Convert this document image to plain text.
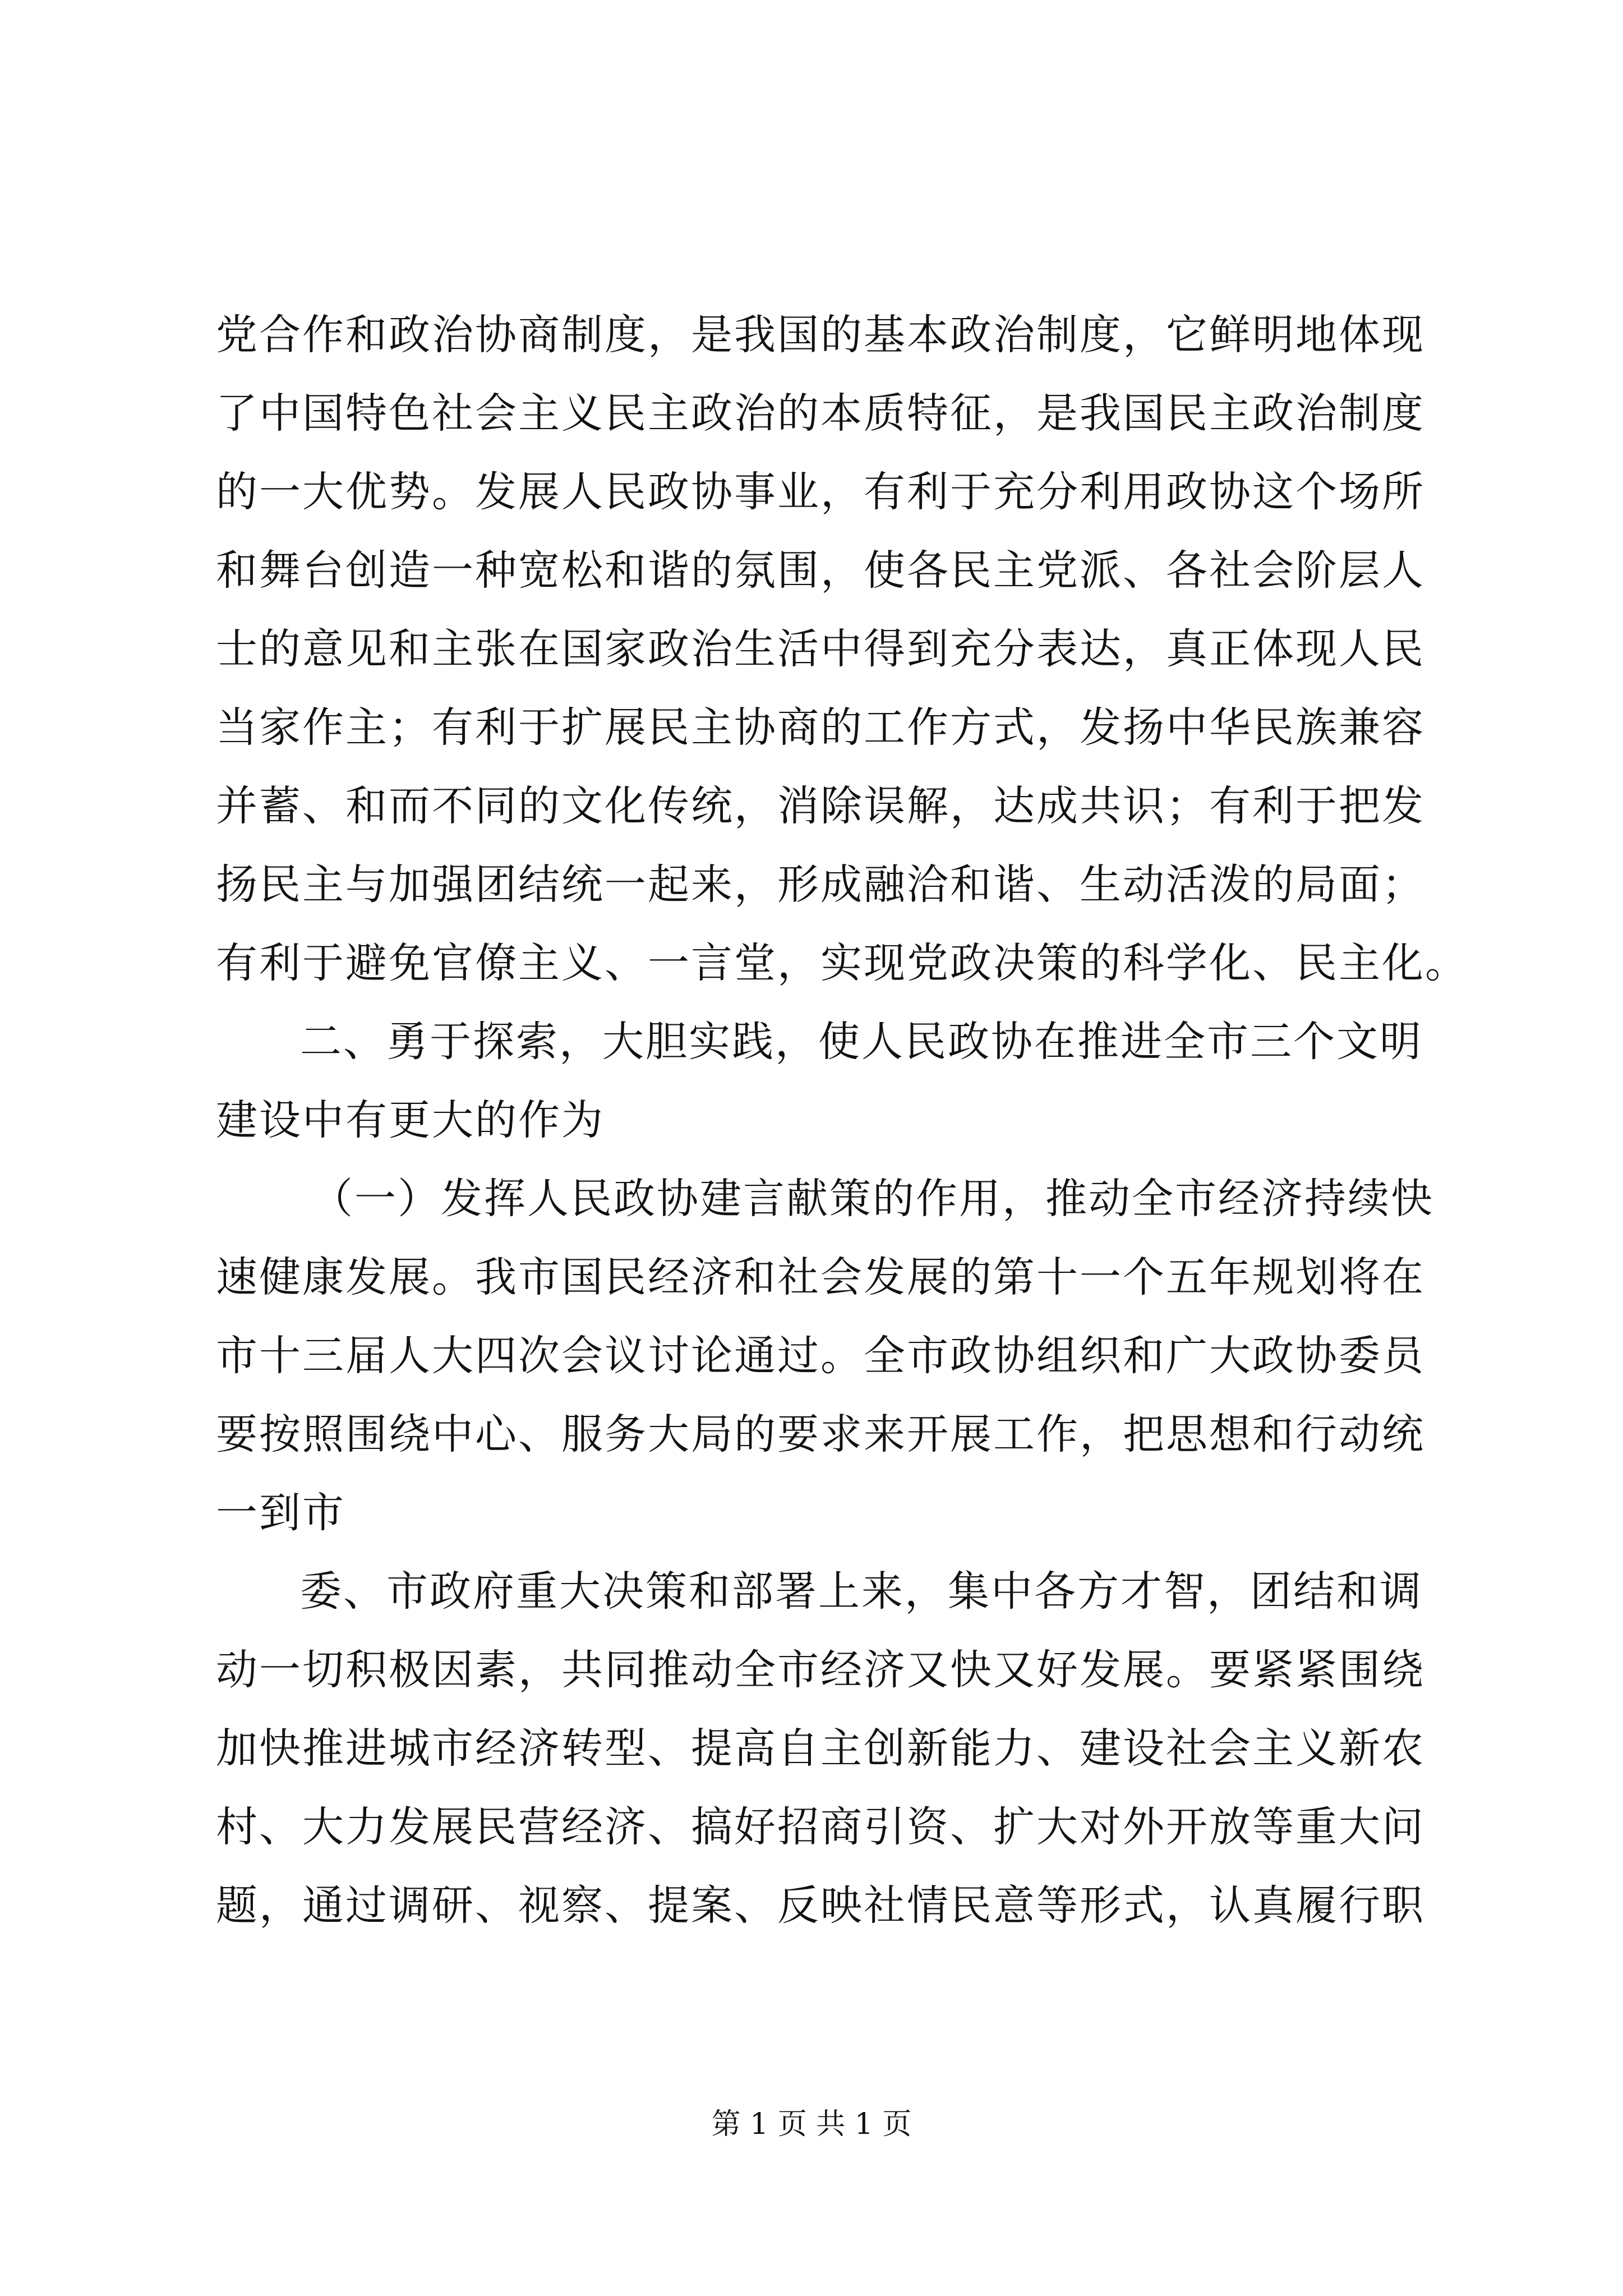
党合作和政治协商制度，是我国的基本政治制度，它鲜明地体现
了中国特色社会主义民主政治的本质特征，是我国民主政治制度
的一大优势。发展人民政协事业，有利于充分利用政协这个场所
和舞台创造一种宽松和谐的氛围，使各民主党派、各社会阶层人
士的意见和主张在国家政治生活中得到充分表达，真正体现人民
当家作主；有利于扩展民主协商的工作方式，发扬中华民族兼容
并蓄、和而不同的文化传统，消除误解，达成共识；有利于把发
扬民主与加强团结统一起来，形成融洽和谐、生动活泼的局面；
有利于避免官僚主义、一言堂，实现党政决策的科学化、民主化。
二、勇于探索，大胆实践，使人民政协在推进全市三个文明
建设中有更大的作为
（一）发挥人民政协建言献策的作用，推动全市经济持续快
速健康发展。我市国民经济和社会发展的第十一个五年规划将在
市十三届人大四次会议讨论通过。全市政协组织和广大政协委员
要按照围绕中心、服务大局的要求来开展工作，把思想和行动统
一到市
委、市政府重大决策和部署上来，集中各方才智，团结和调
动一切积极因素，共同推动全市经济又快又好发展。要紧紧围绕
加快推进城市经济转型、提高自主创新能力、建设社会主义新农
村、大力发展民营经济、搞好招商引资、扩大对外开放等重大问
题，通过调研、视察、提案、反映社情民意等形式，认真履行职
第 1 页 共 1 页
